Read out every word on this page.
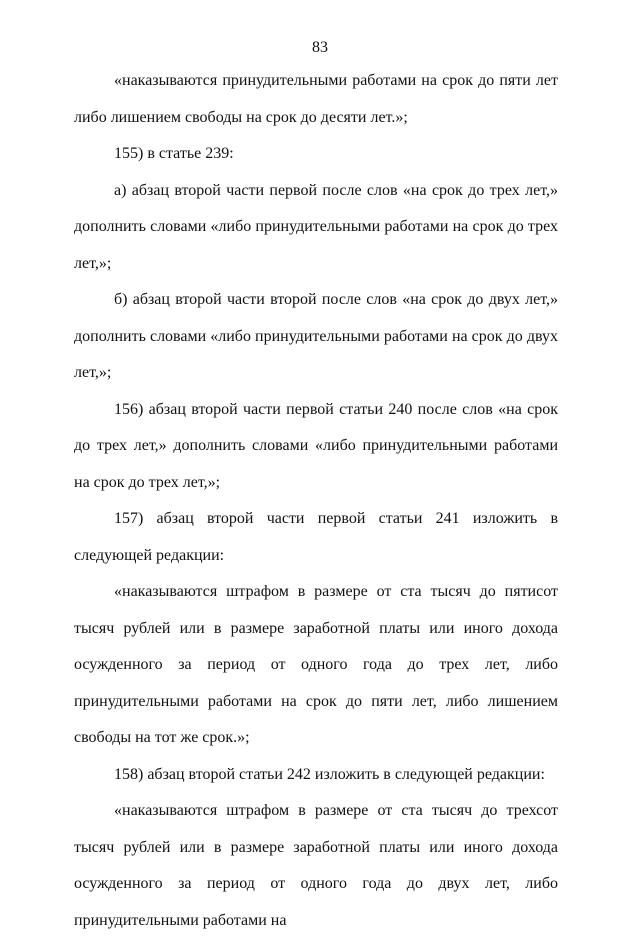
83

«наказываются принудительными работами на срок до пяти лет либо лишением свободы на срок до десяти лет.»;

155) в статье 239:

а) абзац второй части первой после слов «на срок до трех лет,» дополнить словами «либо принудительными работами на срок до трех лет,»;

б) абзац второй части второй после слов «на срок до двух лет,» дополнить словами «либо принудительными работами на срок до двух лет,»;

156) абзац второй части первой статьи 240 после слов «на срок до трех лет,» дополнить словами «либо принудительными работами на срок до трех лет,»;

157) абзац второй части первой статьи 241 изложить в следующей редакции:

«наказываются штрафом в размере от ста тысяч до пятисот тысяч рублей или в размере заработной платы или иного дохода осужденного за период от одного года до трех лет, либо принудительными работами на срок до пяти лет, либо лишением свободы на тот же срок.»;

158) абзац второй статьи 242 изложить в следующей редакции:

«наказываются штрафом в размере от ста тысяч до трехсот тысяч рублей или в размере заработной платы или иного дохода осужденного за период от одного года до двух лет, либо принудительными работами на
